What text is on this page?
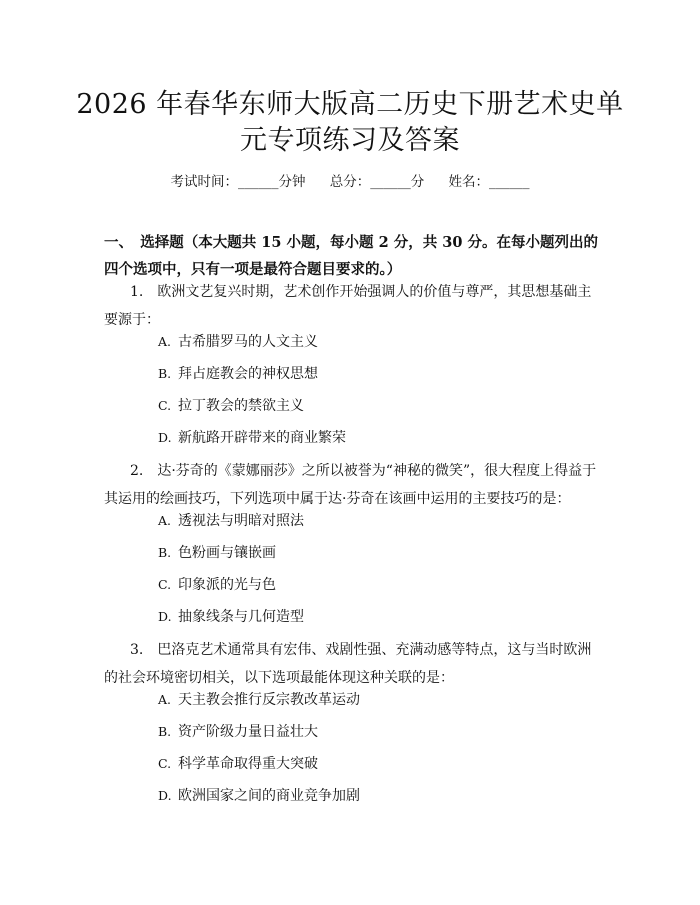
2026 年春华东师大版高二历史下册艺术史单
元专项练习及答案
考试时间：______分钟 总分：______分 姓名：______
一、　选择题（本大题共 15 小题，每小题 2 分，共 30 分。在每小题列出的四个选项中，只有一项是最符合题目要求的。）
1.　欧洲文艺复兴时期，艺术创作开始强调人的价值与尊严，其思想基础主要源于：
A. 古希腊罗马的人文主义
B. 拜占庭教会的神权思想
C. 拉丁教会的禁欲主义
D. 新航路开辟带来的商业繁荣
2.　达·芬奇的《蒙娜丽莎》之所以被誉为“神秘的微笑”，很大程度上得益于其运用的绘画技巧，下列选项中属于达·芬奇在该画中运用的主要技巧的是：
A. 透视法与明暗对照法
B. 色粉画与镶嵌画
C. 印象派的光与色
D. 抽象线条与几何造型
3.　巴洛克艺术通常具有宏伟、戏剧性强、充满动感等特点，这与当时欧洲的社会环境密切相关，以下选项最能体现这种关联的是：
A. 天主教会推行反宗教改革运动
B. 资产阶级力量日益壮大
C. 科学革命取得重大突破
D. 欧洲国家之间的商业竞争加剧
